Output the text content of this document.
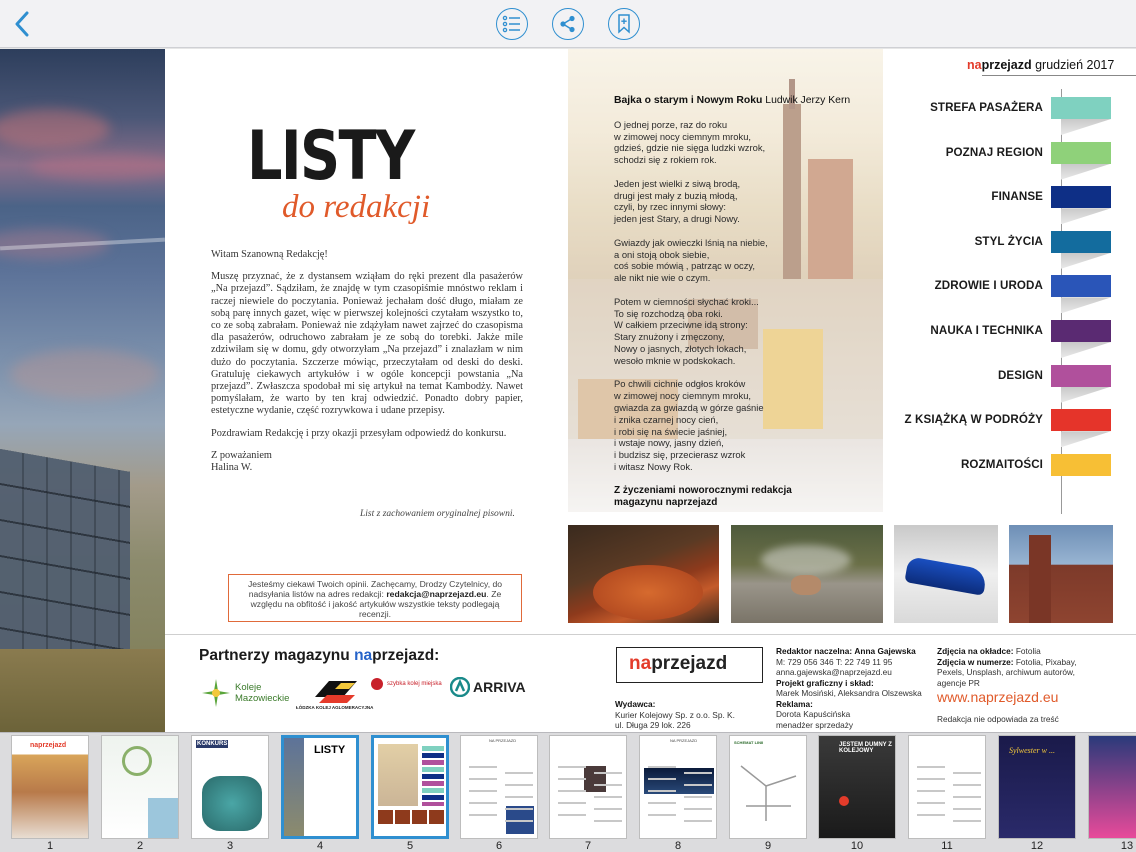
LISTY
do redakcji

Witam Szanowną Redakcję!

Muszę przyznać, że z dystansem wziąłam do ręki prezent dla pasażerów „Na przejazd”. Sądziłam, że znajdę w tym czasopiśmie mnóstwo reklam i raczej niewiele do poczytania. Ponieważ jechałam dość długo, miałam ze sobą parę innych gazet, więc w pierwszej kolejności czytałam wszystko to, co ze sobą zabrałam. Ponieważ nie zdążyłam nawet zajrzeć do czasopisma dla pasażerów, odruchowo zabrałam je ze sobą do torebki. Jakże mile zdziwiłam się w domu, gdy otworzyłam „Na przejazd” i znalazłam w nim dużo do poczytania. Szczerze mówiąc, przeczytałam od deski do deski. Gratuluję ciekawych artykułów i w ogóle koncepcji powstania „Na przejazd”. Zwłaszcza spodobał mi się artykuł na temat Kambodży. Nawet pomyślałam, że warto by ten kraj odwiedzić. Ponadto dobry papier, estetyczne wydanie, część rozrywkowa i udane przepisy.

Pozdrawiam Redakcję i przy okazji przesyłam odpowiedź do konkursu.

Z poważaniem
Halina W.

List z zachowaniem oryginalnej pisowni.
Jesteśmy ciekawi Twoich opinii. Zachęcamy, Drodzy Czytelnicy, do nadsyłania listów na adres redakcji: redakcja@naprzejazd.eu. Ze względu na obfitość i jakość artykułów wszystkie teksty podlegają recenzji.
Bajka o starym i Nowym Roku Ludwik Jerzy Kern
O jednej porze, raz do roku
w zimowej nocy ciemnym mroku,
gdzieś, gdzie nie sięga ludzki wzrok,
schodzi się z rokiem rok.
Jeden jest wielki z siwą brodą,
drugi jest mały z buzią młodą,
czyli, by rzec innymi słowy:
jeden jest Stary, a drugi Nowy.
Gwiazdy jak owieczki lśnią na niebie,
a oni stoją obok siebie,
coś sobie mówią , patrząc w oczy,
ale nikt nie wie o czym.
Potem w ciemności słychać kroki...
To się rozchodzą oba roki.
W całkiem przeciwne idą strony:
Stary znużony i zmęczony,
Nowy o jasnych, złotych lokach,
wesoło mknie w podskokach.
Po chwili cichnie odgłos kroków
w zimowej nocy ciemnym mroku,
gwiazda za gwiazdą w górze gaśnie
i znika czarnej nocy cień,
i robi się na świecie jaśniej,
i wstaje nowy, jasny dzień,
i budzisz się, przecierasz wzrok
i witasz Nowy Rok.
Z życzeniami noworocznymi redakcja
magazynu naprzejazd
naprzejazd grudzień 2017
STREFA PASAŻERA
POZNAJ REGION
FINANSE
STYL ŻYCIA
ZDROWIE I URODA
NAUKA I TECHNIKA
DESIGN
Z KSIĄŻKĄ W PODRÓŻY
ROZMAITOŚCI
Partnerzy magazynu naprzejazd:
Koleje
Mazowieckie
ŁÓDZKA KOLEJ AGLOMERACYJNA
szybka kolej miejska ARRIVA
naprzejazd
Wydawca:
Kurier Kolejowy Sp. z o.o. Sp. K.
ul. Długa 29 lok. 226
Redaktor naczelna: Anna Gajewska
M: 729 056 346 T: 22 749 11 95
anna.gajewska@naprzejazd.eu
Projekt graficzny i skład:
Marek Mosiński, Aleksandra Olszewska
Reklama:
Dorota Kapuścińska
menadżer sprzedaży
Zdjęcia na okładce: Fotolia
Zdjęcia w numerze: Fotolia, Pixabay, Pexels, Unsplash, archiwum autorów, agencje PR
www.naprzejazd.eu
Redakcja nie odpowiada za treść
naprzejazd
1	2
KONKURS
3
LISTY
4	5
NA PRZEJAZD
6	7
NA PRZEJAZD
8
SCHEMAT LINII
9
JESTEM DUMNY Z KOLEJOWY
10	11
Sylwester w ...
12	13
